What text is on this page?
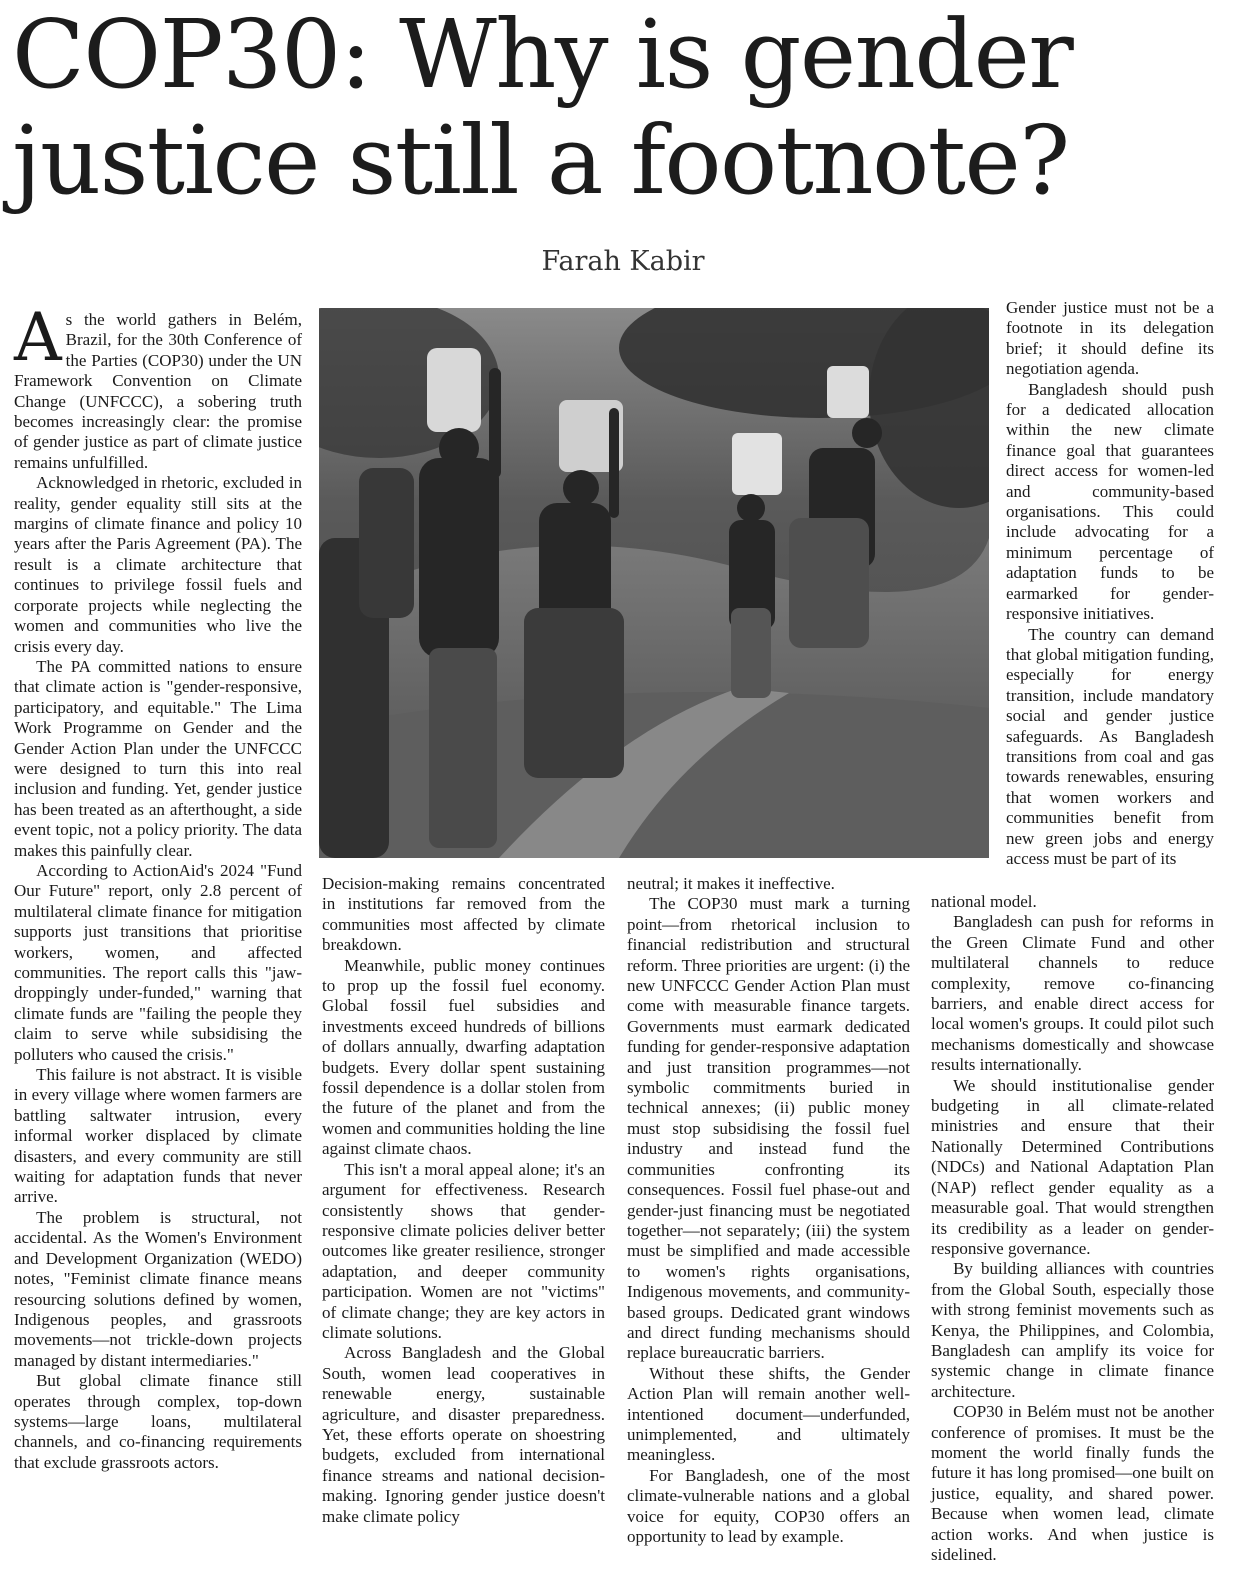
COP30: Why is gender
justice still a footnote?
Farah Kabir

As the world gathers in Belém, Brazil, for the 30th Conference of the Parties (COP30) under the UN Framework Convention on Climate Change (UNFCCC), a sobering truth becomes increasingly clear: the promise of gender justice as part of climate justice remains unfulfilled.

Acknowledged in rhetoric, excluded in reality, gender equality still sits at the margins of climate finance and policy 10 years after the Paris Agreement (PA). The result is a climate architecture that continues to privilege fossil fuels and corporate projects while neglecting the women and communities who live the crisis every day.

The PA committed nations to ensure that climate action is "gender-responsive, participatory, and equitable." The Lima Work Programme on Gender and the Gender Action Plan under the UNFCCC were designed to turn this into real inclusion and funding. Yet, gender justice has been treated as an afterthought, a side event topic, not a policy priority. The data makes this painfully clear.

According to ActionAid's 2024 "Fund Our Future" report, only 2.8 percent of multilateral climate finance for mitigation supports just transitions that prioritise workers, women, and affected communities. The report calls this "jaw-droppingly under-funded," warning that climate funds are "failing the people they claim to serve while subsidising the polluters who caused the crisis."

This failure is not abstract. It is visible in every village where women farmers are battling saltwater intrusion, every informal worker displaced by climate disasters, and every community are still waiting for adaptation funds that never arrive.

The problem is structural, not accidental. As the Women's Environment and Development Organization (WEDO) notes, "Feminist climate finance means resourcing solutions defined by women, Indigenous peoples, and grassroots movements—not trickle-down projects managed by distant intermediaries."

But global climate finance still operates through complex, top-down systems—large loans, multilateral channels, and co-financing requirements that exclude grassroots actors.

Decision-making remains concentrated in institutions far removed from the communities most affected by climate breakdown.

Meanwhile, public money continues to prop up the fossil fuel economy. Global fossil fuel subsidies and investments exceed hundreds of billions of dollars annually, dwarfing adaptation budgets. Every dollar spent sustaining fossil dependence is a dollar stolen from the future of the planet and from the women and communities holding the line against climate chaos.

This isn't a moral appeal alone; it's an argument for effectiveness. Research consistently shows that gender-responsive climate policies deliver better outcomes like greater resilience, stronger adaptation, and deeper community participation. Women are not "victims" of climate change; they are key actors in climate solutions.

Across Bangladesh and the Global South, women lead cooperatives in renewable energy, sustainable agriculture, and disaster preparedness. Yet, these efforts operate on shoestring budgets, excluded from international finance streams and national decision-making. Ignoring gender justice doesn't make climate policy

neutral; it makes it ineffective.

The COP30 must mark a turning point—from rhetorical inclusion to financial redistribution and structural reform. Three priorities are urgent: (i) the new UNFCCC Gender Action Plan must come with measurable finance targets. Governments must earmark dedicated funding for gender-responsive adaptation and just transition programmes—not symbolic commitments buried in technical annexes; (ii) public money must stop subsidising the fossil fuel industry and instead fund the communities confronting its consequences. Fossil fuel phase-out and gender-just financing must be negotiated together—not separately; (iii) the system must be simplified and made accessible to women's rights organisations, Indigenous movements, and community-based groups. Dedicated grant windows and direct funding mechanisms should replace bureaucratic barriers.

Without these shifts, the Gender Action Plan will remain another well-intentioned document—underfunded, unimplemented, and ultimately meaningless.

For Bangladesh, one of the most climate-vulnerable nations and a global voice for equity, COP30 offers an opportunity to lead by example.

Gender justice must not be a footnote in its delegation brief; it should define its negotiation agenda.

Bangladesh should push for a dedicated allocation within the new climate finance goal that guarantees direct access for women-led and community-based organisations. This could include advocating for a minimum percentage of adaptation funds to be earmarked for gender-responsive initiatives.

The country can demand that global mitigation funding, especially for energy transition, include mandatory social and gender justice safeguards. As Bangladesh transitions from coal and gas towards renewables, ensuring that women workers and communities benefit from new green jobs and energy access must be part of its

national model.

Bangladesh can push for reforms in the Green Climate Fund and other multilateral channels to reduce complexity, remove co-financing barriers, and enable direct access for local women's groups. It could pilot such mechanisms domestically and showcase results internationally.

We should institutionalise gender budgeting in all climate-related ministries and ensure that their Nationally Determined Contributions (NDCs) and National Adaptation Plan (NAP) reflect gender equality as a measurable goal. That would strengthen its credibility as a leader on gender-responsive governance.

By building alliances with countries from the Global South, especially those with strong feminist movements such as Kenya, the Philippines, and Colombia, Bangladesh can amplify its voice for systemic change in climate finance architecture.

COP30 in Belém must not be another conference of promises. It must be the moment the world finally funds the future it has long promised—one built on justice, equality, and shared power. Because when women lead, climate action works. And when justice is sidelined.
